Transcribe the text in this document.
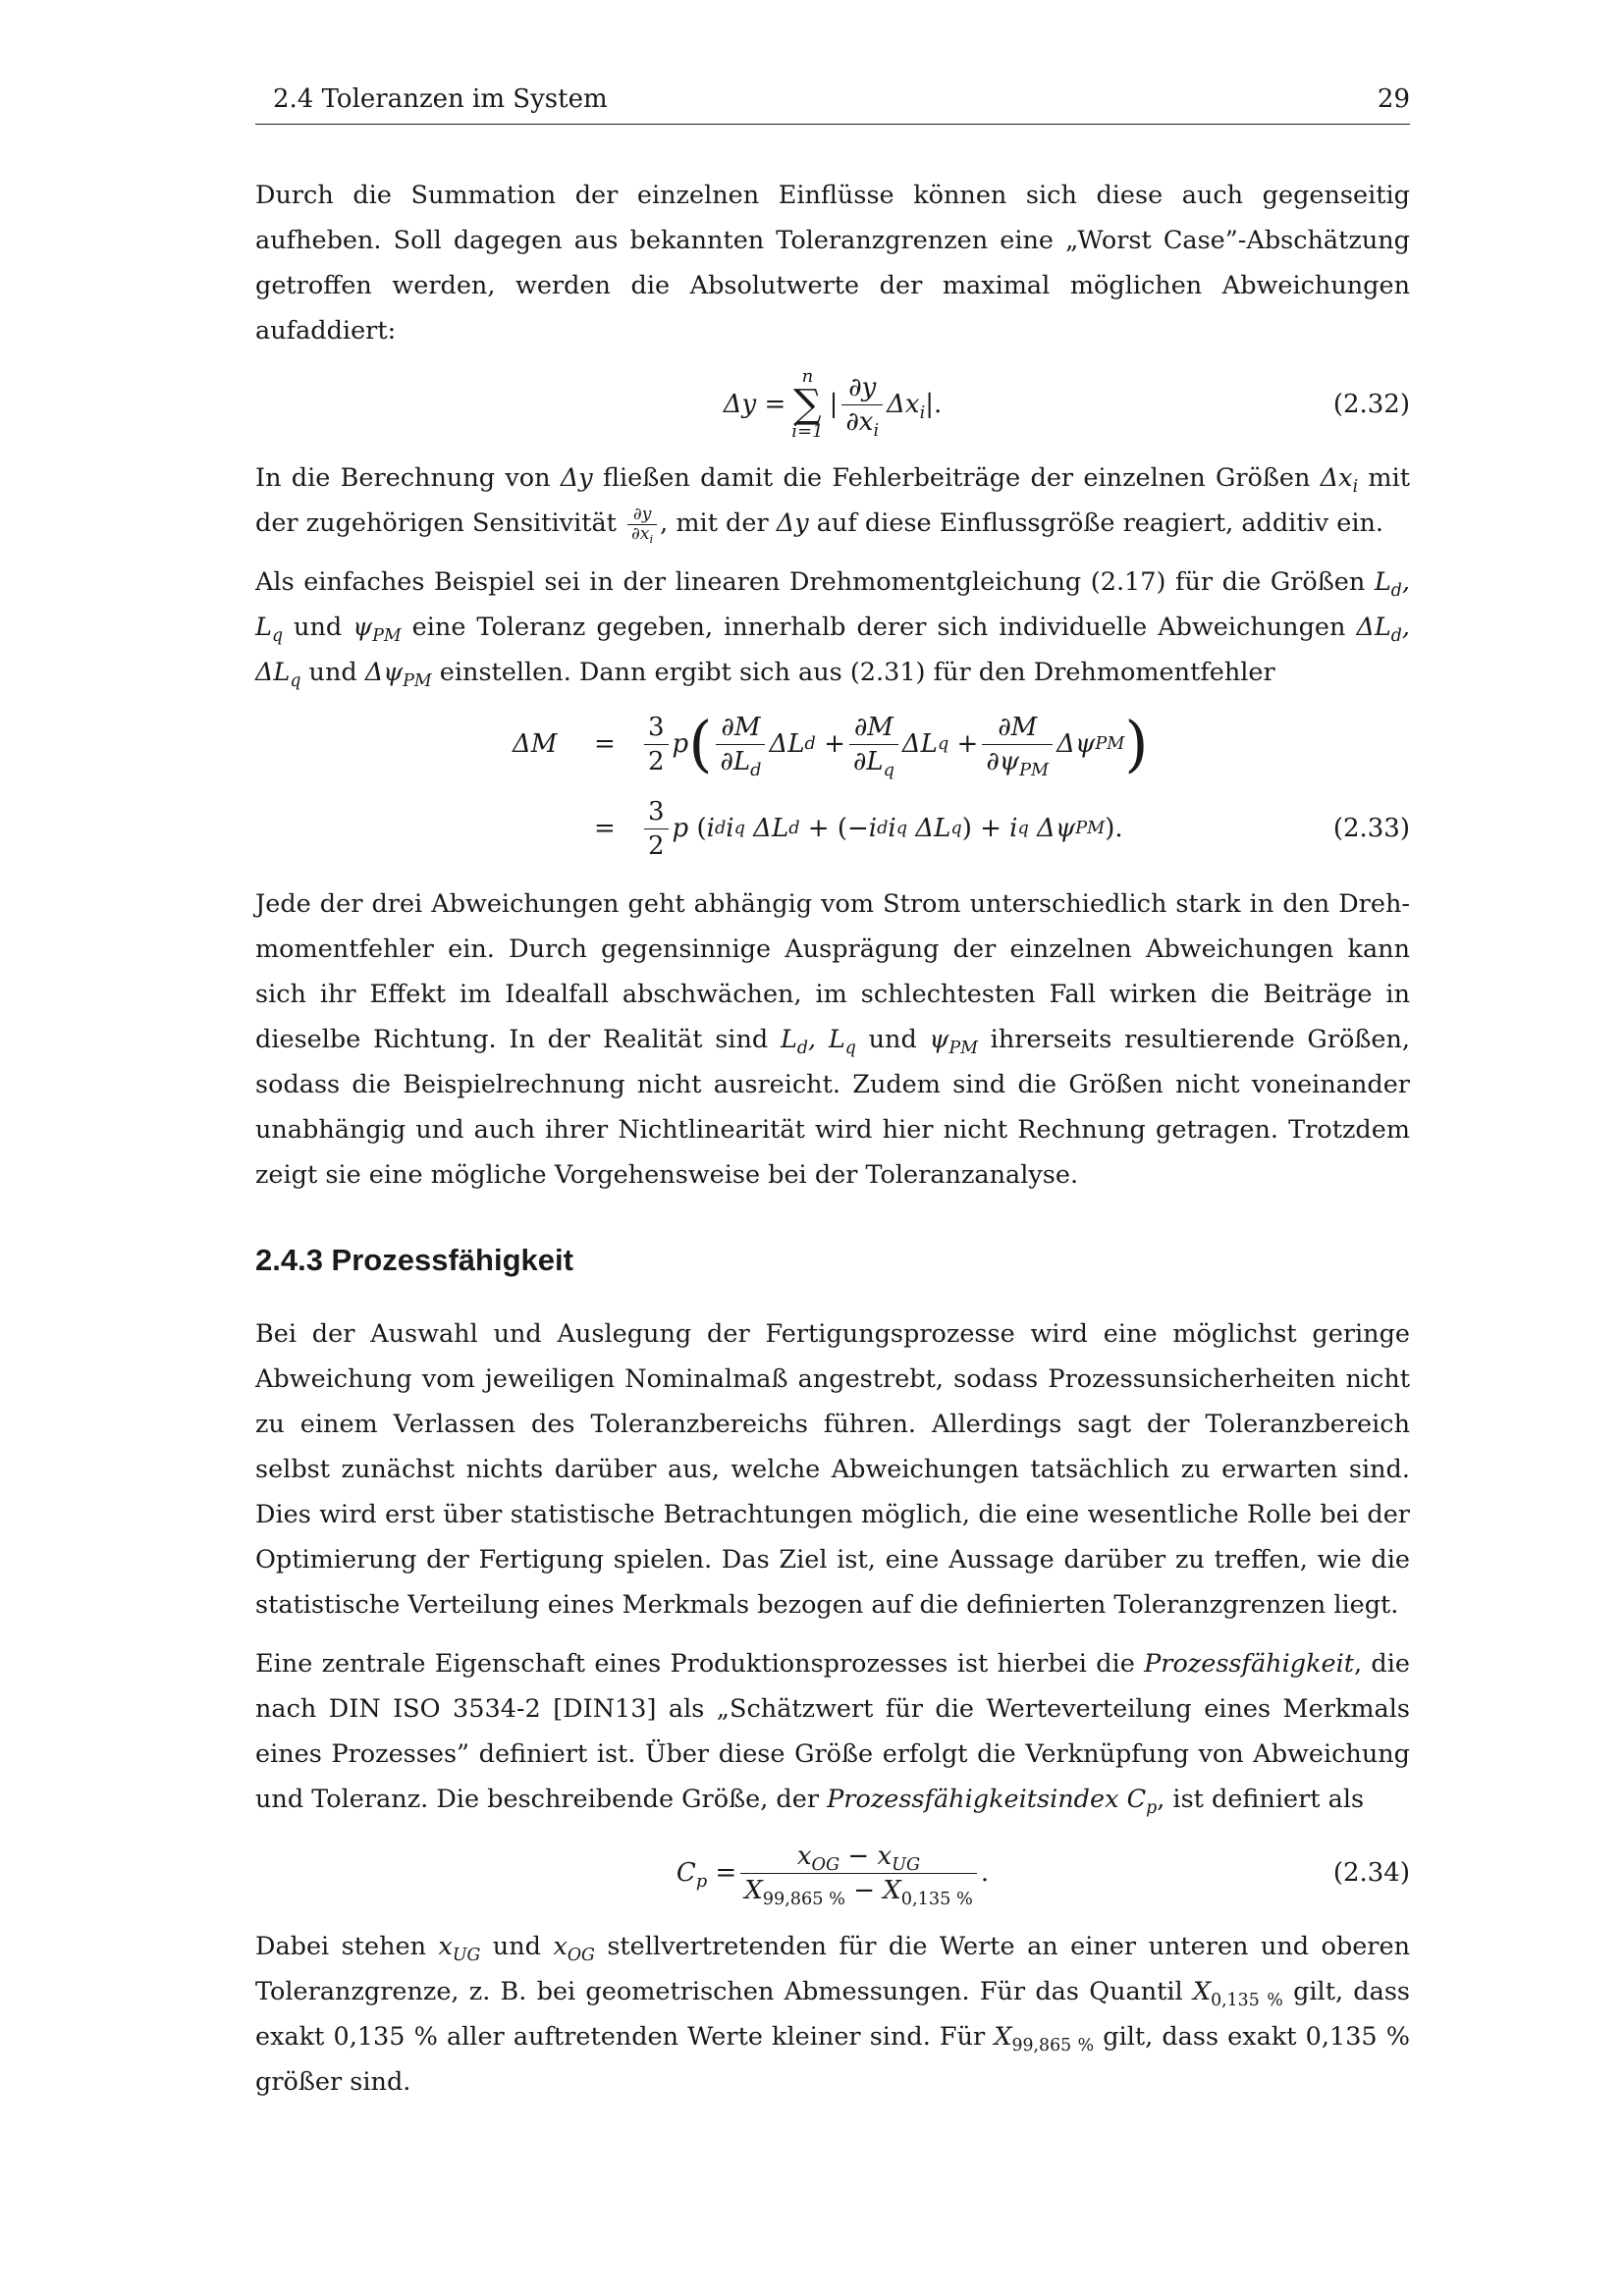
2.4 Toleranzen im System	29

Durch die Summation der einzelnen Einflüsse können sich diese auch gegenseitig aufheben. Soll dagegen aus bekannten Toleranzgrenzen eine „Worst Case”-Abschätzung getroffen werden, werden die Absolutwerte der maximal möglichen Abweichungen aufaddiert:

Δy
=
n
∑
i=1
| $\frac{\partial y}{\partial x_i} \Delta x_i$ |.	(2.32)

In die Berechnung von Δy fließen damit die Fehlerbeiträge der einzelnen Größen $\Delta x_i$ mit der zugehörigen Sensitivität $\frac{\partial y}{\partial x_i}$ , mit der Δy auf diese Einflussgröße reagiert, additiv ein.

Als einfaches Beispiel sei in der linearen Drehmomentgleichung (2.17) für die Größen $L_d$, $L_q$ und $\psi_{PM}$ eine Toleranz gegeben, innerhalb derer sich individuelle Abweichungen $\Delta L_d$, $\Delta L_q$ und $\Delta\psi_{PM}$ einstellen. Dann ergibt sich aus (2.31) für den Drehmomentfehler

$\Delta M = \frac{3}{2}$ p ( $\frac{\partial M}{\partial L_d}$ Δ L d
+ $\frac{\partial M}{\partial L_q}$ Δ L q
+ $\frac{\partial M}{\partial\psi_{PM}}$ Δ ψ PM )
= $\frac{3}{2}$ p
( i d i q Δ L d
+ (− i d i q Δ L q ) +
i q Δ ψ PM ).	(2.33)

Jede der drei Abweichungen geht abhängig vom Strom unterschiedlich stark in den Drehmomentfehler ein. Durch gegensinnige Ausprägung der einzelnen Abweichungen kann sich ihr Effekt im Idealfall abschwächen, im schlechtesten Fall wirken die Beiträge in dieselbe Richtung. In der Realität sind $L_d$, $L_q$ und $\psi_{PM}$ ihrerseits resultierende Größen, sodass die Beispielrechnung nicht ausreicht. Zudem sind die Größen nicht voneinander unabhängig und auch ihrer Nichtlinearität wird hier nicht Rechnung getragen. Trotzdem zeigt sie eine mögliche Vorgehensweise bei der Toleranzanalyse.

2.4.3 Prozessfähigkeit

Bei der Auswahl und Auslegung der Fertigungsprozesse wird eine möglichst geringe Abweichung vom jeweiligen Nominalmaß angestrebt, sodass Prozessunsicherheiten nicht zu einem Verlassen des Toleranzbereichs führen. Allerdings sagt der Toleranzbereich selbst zunächst nichts darüber aus, welche Abweichungen tatsächlich zu erwarten sind. Dies wird erst über statistische Betrachtungen möglich, die eine wesentliche Rolle bei der Optimierung der Fertigung spielen. Das Ziel ist, eine Aussage darüber zu treffen, wie die statistische Verteilung eines Merkmals bezogen auf die definierten Toleranzgrenzen liegt.

Eine zentrale Eigenschaft eines Produktionsprozesses ist hierbei die Prozessfähigkeit, die nach DIN ISO 3534-2 [DIN13] als „Schätzwert für die Werteverteilung eines Merkmals eines Prozesses” definiert ist. Über diese Größe erfolgt die Verknüpfung von Abweichung und Toleranz. Die beschreibende Größe, der Prozessfähigkeitsindex $C_p$, ist definiert als

$C_p$
= $\frac{x_{OG} - x_{UG}}{X_{99,865 \%} - X_{0,135 \%}}$ .	(2.34)

Dabei stehen $x_{UG}$ und $x_{OG}$ stellvertretenden für die Werte an einer unteren und oberen Toleranzgrenze, z. B. bei geometrischen Abmessungen. Für das Quantil $X_{0,135 \%}$ gilt, dass exakt 0,135 % aller auftretenden Werte kleiner sind. Für $X_{99,865 \%}$ gilt, dass exakt 0,135 % größer sind.
